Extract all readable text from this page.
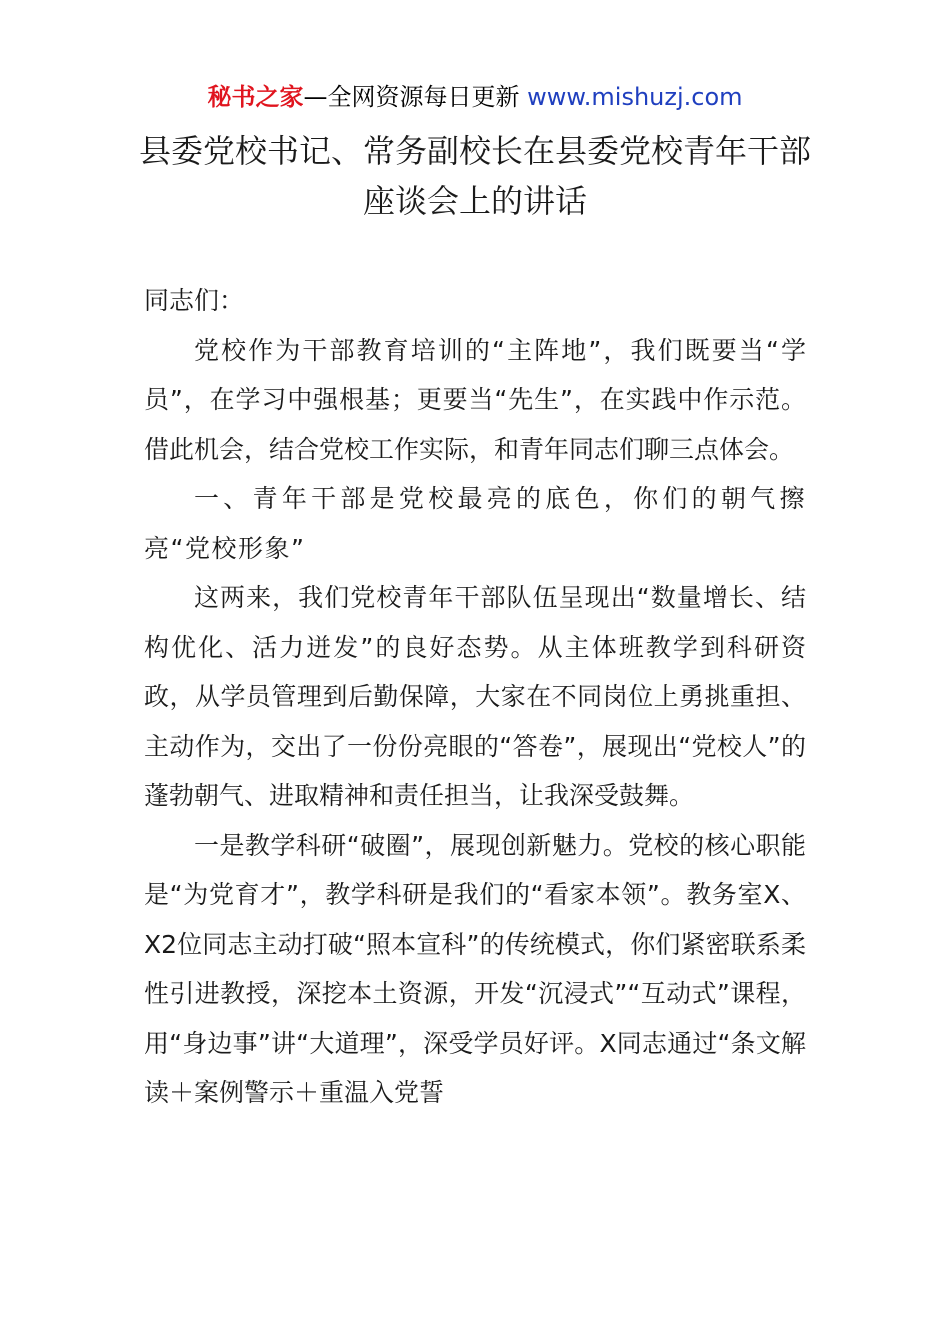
秘书之家—全网资源每日更新 www.mishuzj.com
县委党校书记、常务副校长在县委党校青年干部座谈会上的讲话

同志们：

党校作为干部教育培训的“主阵地”，我们既要当“学员”，在学习中强根基；更要当“先生”，在实践中作示范。借此机会，结合党校工作实际，和青年同志们聊三点体会。

一、青年干部是党校最亮的底色，你们的朝气擦亮“党校形象”

这两来，我们党校青年干部队伍呈现出“数量增长、结构优化、活力迸发”的良好态势。从主体班教学到科研资政，从学员管理到后勤保障，大家在不同岗位上勇挑重担、主动作为，交出了一份份亮眼的“答卷”，展现出“党校人”的蓬勃朝气、进取精神和责任担当，让我深受鼓舞。

一是教学科研“破圈”，展现创新魅力。党校的核心职能是“为党育才”，教学科研是我们的“看家本领”。教务室X、X2位同志主动打破“照本宣科”的传统模式，你们紧密联系柔性引进教授，深挖本土资源，开发“沉浸式”“互动式”课程，用“身边事”讲“大道理”，深受学员好评。X同志通过“条文解读＋案例警示＋重温入党誓
